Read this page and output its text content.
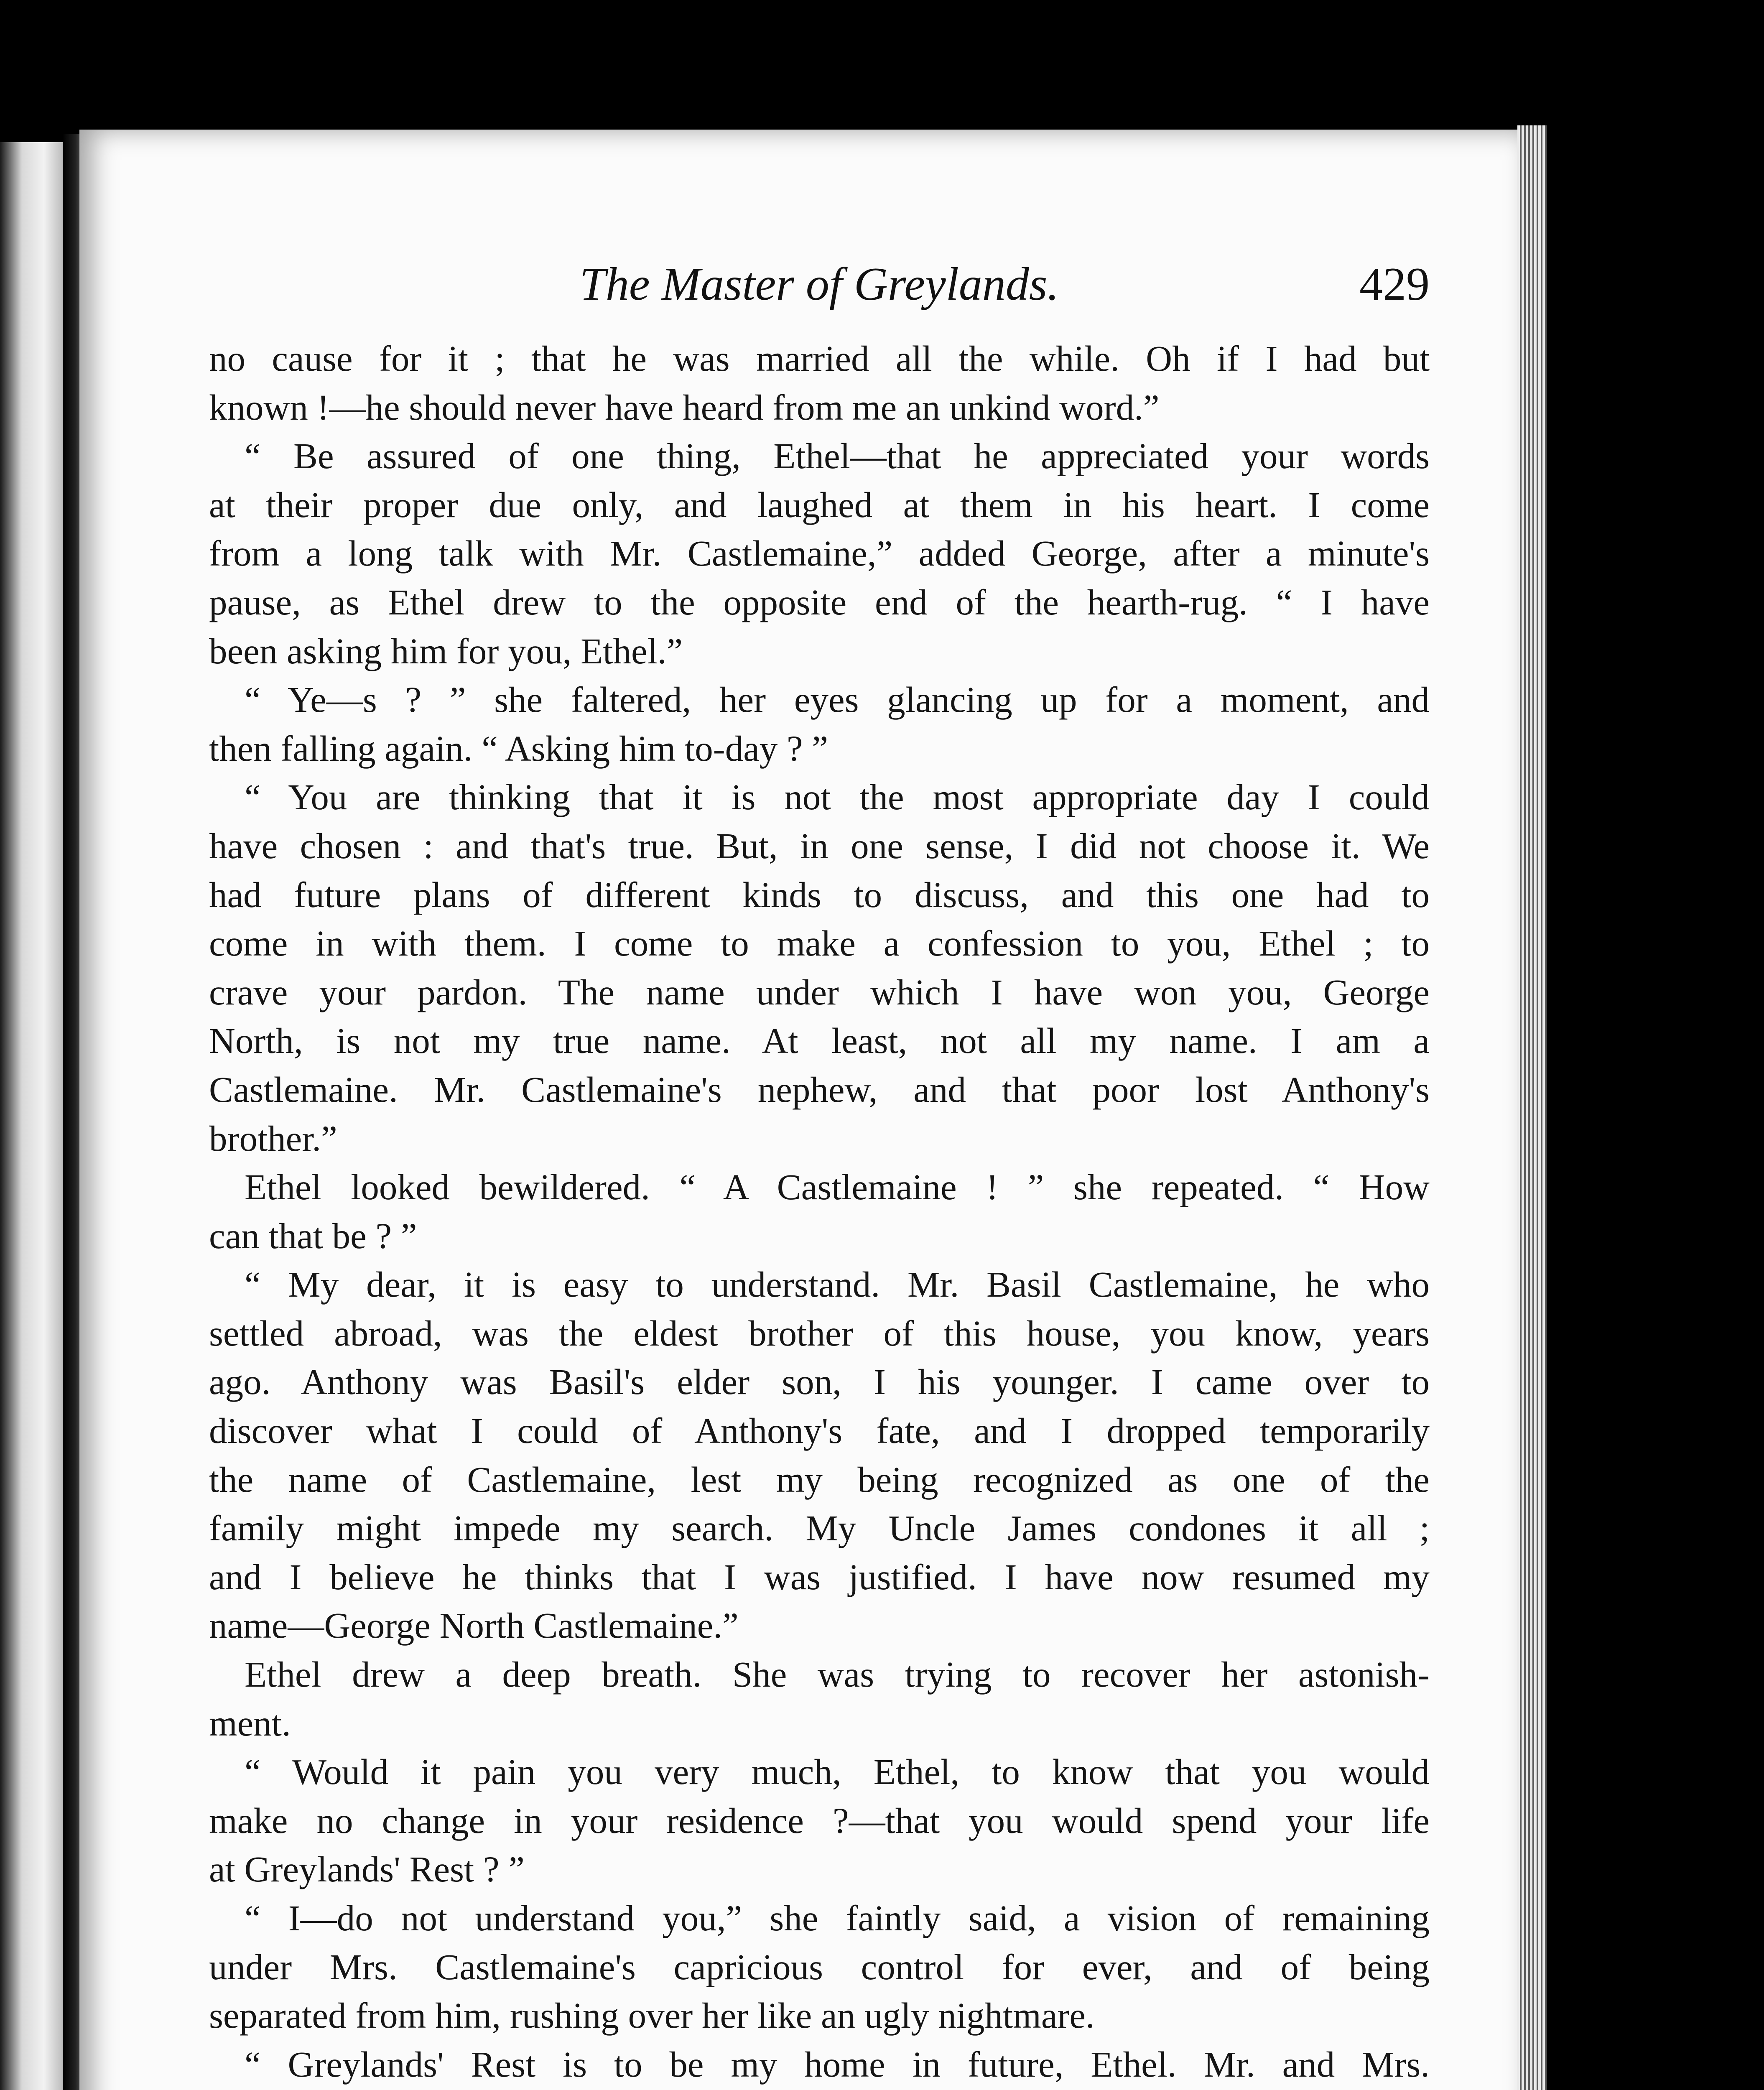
The Master of Greylands.	429

no cause for it ; that he was married all the while. Oh if I had but
known !—he should never have heard from me an unkind word.”

“ Be assured of one thing, Ethel—that he appreciated your words
at their proper due only, and laughed at them in his heart. I come
from a long talk with Mr. Castlemaine,” added George, after a minute's
pause, as Ethel drew to the opposite end of the hearth-rug. “ I have
been asking him for you, Ethel.”

“ Ye—s ? ” she faltered, her eyes glancing up for a moment, and
then falling again. “ Asking him to-day ? ”

“ You are thinking that it is not the most appropriate day I could
have chosen : and that's true. But, in one sense, I did not choose it. We
had future plans of different kinds to discuss, and this one had to
come in with them. I come to make a confession to you, Ethel ; to
crave your pardon. The name under which I have won you, George
North, is not my true name. At least, not all my name. I am a
Castlemaine. Mr. Castlemaine's nephew, and that poor lost Anthony's
brother.”

Ethel looked bewildered. “ A Castlemaine ! ” she repeated. “ How
can that be ? ”

“ My dear, it is easy to understand. Mr. Basil Castlemaine, he who
settled abroad, was the eldest brother of this house, you know, years
ago. Anthony was Basil's elder son, I his younger. I came over to
discover what I could of Anthony's fate, and I dropped temporarily
the name of Castlemaine, lest my being recognized as one of the
family might impede my search. My Uncle James condones it all ;
and I believe he thinks that I was justified. I have now resumed my
name—George North Castlemaine.”

Ethel drew a deep breath. She was trying to recover her astonish-
ment.

“ Would it pain you very much, Ethel, to know that you would
make no change in your residence ?—that you would spend your life
at Greylands' Rest ? ”

“ I—do not understand you,” she faintly said, a vision of remaining
under Mrs. Castlemaine's capricious control for ever, and of being
separated from him, rushing over her like an ugly nightmare.

“ Greylands' Rest is to be my home in future, Ethel. Mr. and Mrs.
